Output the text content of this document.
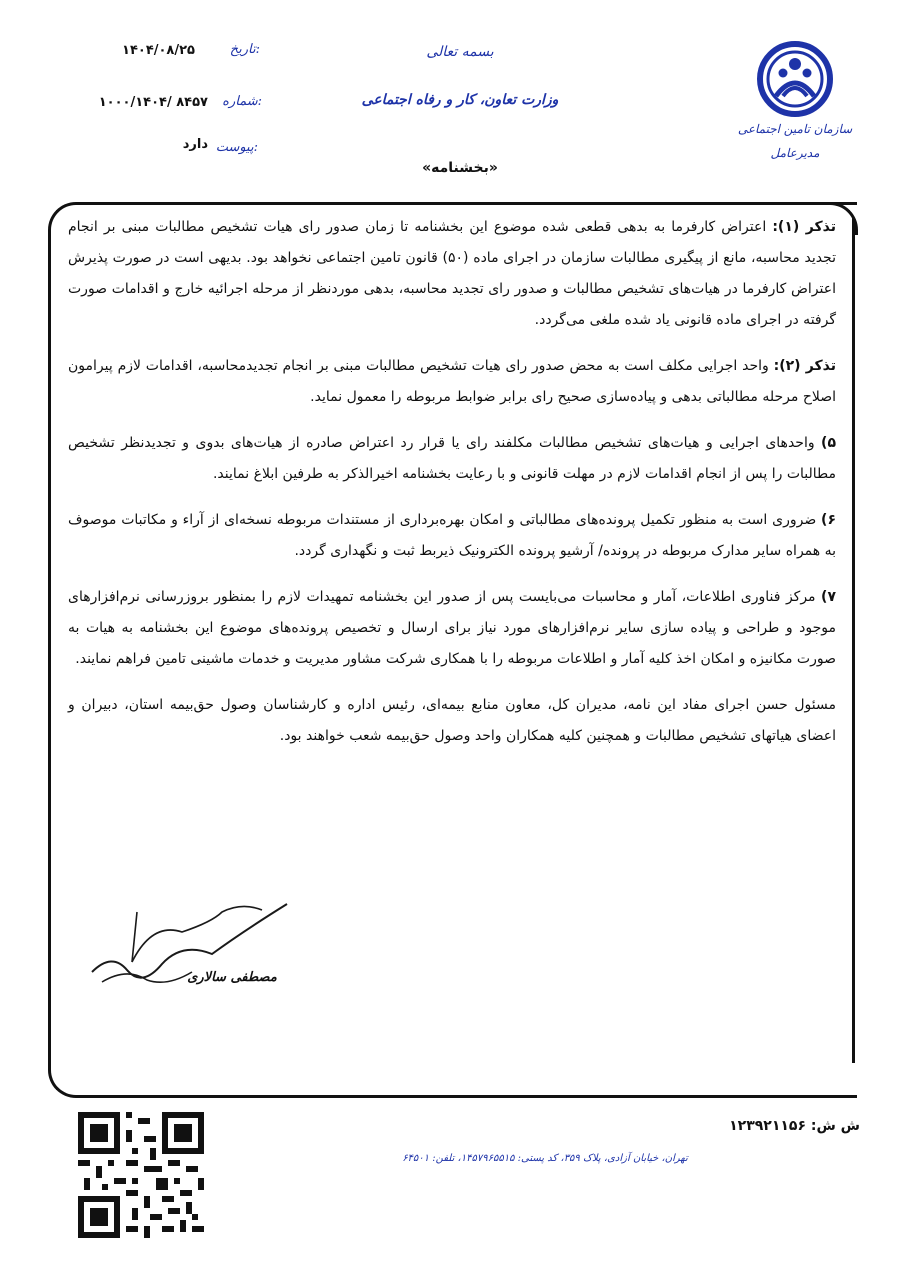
سازمان تامین اجتماعی
مدیرعامل
بسمه تعالی
وزارت تعاون، کار و رفاه اجتماعی
«بخشنامه»
تاریخ:
۱۴۰۴/۰۸/۲۵
شماره:
۱۰۰۰/۱۴۰۴/ ۸۴۵۷
پیوست:
دارد

تذکر (۱): اعتراض کارفرما به بدهی قطعی شده موضوع این بخشنامه تا زمان صدور رای هیات تشخیص مطالبات مبنی بر انجام تجدید محاسبه، مانع از پیگیری مطالبات سازمان در اجرای ماده (۵۰) قانون تامین اجتماعی نخواهد بود. بدیهی است در صورت پذیرش اعتراض کارفرما در هیات‌های تشخیص مطالبات و صدور رای تجدید محاسبه، بدهی موردنظر از مرحله اجرائیه خارج و اقدامات صورت گرفته در اجرای ماده قانونی یاد شده ملغی می‌گردد.

تذکر (۲): واحد اجرایی مکلف است به محض صدور رای هیات تشخیص مطالبات مبنی بر انجام تجدیدمحاسبه، اقدامات لازم پیرامون اصلاح مرحله مطالباتی بدهی و پیاده‌سازی صحیح رای برابر ضوابط مربوطه را معمول نماید.

۵) واحدهای اجرایی و هیات‌های تشخیص مطالبات مکلفند رای یا قرار رد اعتراض صادره از هیات‌های بدوی و تجدیدنظر تشخیص مطالبات را پس از انجام اقدامات لازم در مهلت قانونی و با رعایت بخشنامه اخیرالذکر به طرفین ابلاغ نمایند.

۶) ضروری است به منظور تکمیل پرونده‌های مطالباتی و امکان بهره‌برداری از مستندات مربوطه نسخه‌ای از آراء و مکاتبات موصوف به همراه سایر مدارک مربوطه در پرونده/ آرشیو پرونده الکترونیک ذیربط ثبت و نگهداری گردد.

۷) مرکز فناوری اطلاعات، آمار و محاسبات می‌بایست پس از صدور این بخشنامه تمهیدات لازم را بمنظور بروزرسانی نرم‌افزارهای موجود و طراحی و پیاده سازی سایر نرم‌افزارهای مورد نیاز برای ارسال و تخصیص پرونده‌های موضوع این بخشنامه به هیات به صورت مکانیزه و امکان اخذ کلیه آمار و اطلاعات مربوطه را با همکاری شرکت مشاور مدیریت و خدمات ماشینی تامین فراهم نمایند.

مسئول حسن اجرای مفاد این نامه، مدیران کل، معاون منابع بیمه‌ای، رئیس اداره و کارشناسان وصول حق‌بیمه استان، دبیران و اعضای هیاتهای تشخیص مطالبات و همچنین کلیه همکاران واحد وصول حق‌بیمه شعب خواهند بود.

مصطفی سالاری
تهران، خیابان آزادی، پلاک ۳۵۹، کد پستی: ۱۴۵۷۹۶۵۵۱۵، تلفن: ۶۴۵۰۱
ش ش: ۱۲۳۹۲۱۱۵۶
